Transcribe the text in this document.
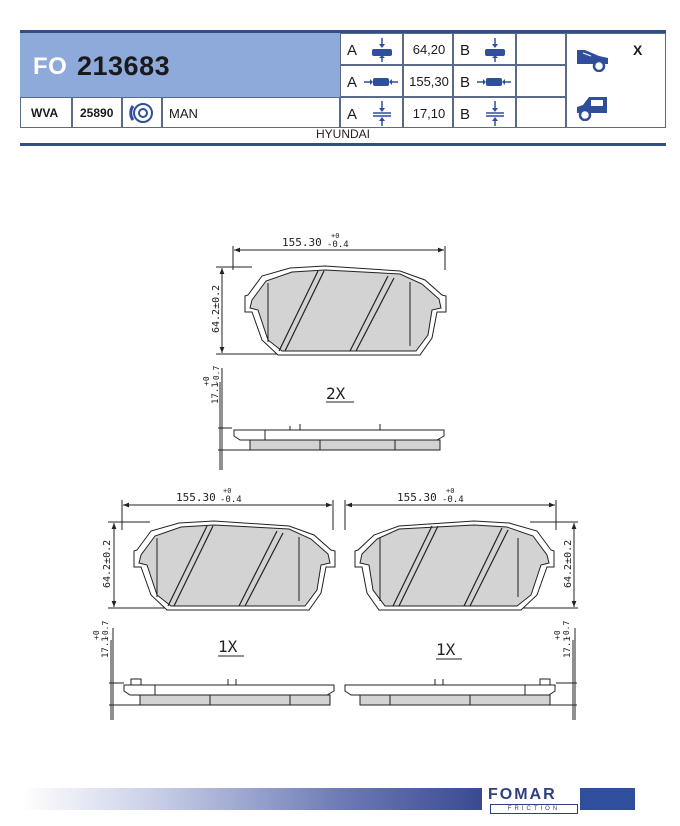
FO 213683
WVA 25890	MAN
A	64,20 B
A	155,30 B
A	17,10 B
X
HYUNDAI
155.30 +0
-0.4
64.2±0.2
17.1
+0 -0.7
2X
155.30 +0
-0.4
64.2±0.2
17.1
+0 -0.7
1X
155.30 +0
-0.4
64.2±0.2
17.1
+0 -0.7
1X
FOMAR
FRICTION
